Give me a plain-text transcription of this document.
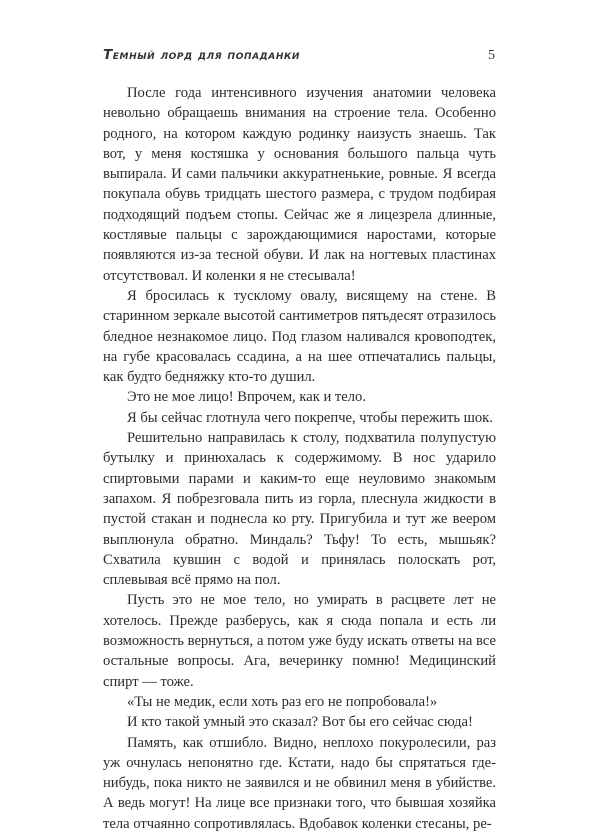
Темный лорд для попаданки	5

После года интенсивного изучения анатомии человека невольно обращаешь внимания на строение тела. Особенно родного, на котором каждую родинку наизусть знаешь. Так вот, у меня костяшка у основания большого пальца чуть выпирала. И сами пальчики аккуратненькие, ровные. Я всегда покупала обувь тридцать шестого размера, с трудом подбирая подходящий подъем стопы. Сейчас же я лицезрела длинные, костлявые пальцы с зарождающимися наростами, которые появляются из-за тесной обуви. И лак на ногтевых пластинах отсутствовал. И коленки я не стесывала!

Я бросилась к тусклому овалу, висящему на стене. В старинном зеркале высотой сантиметров пятьдесят отразилось бледное незнакомое лицо. Под глазом наливался кровоподтек, на губе красовалась ссадина, а на шее отпечатались пальцы, как будто бедняжку кто-то душил.

Это не мое лицо! Впрочем, как и тело.

Я бы сейчас глотнула чего покрепче, чтобы пережить шок.

Решительно направилась к столу, подхватила полупустую бутылку и принюхалась к содержимому. В нос ударило спиртовыми парами и каким-то еще неуловимо знакомым запахом. Я побрезговала пить из горла, плеснула жидкости в пустой стакан и поднесла ко рту. Пригубила и тут же веером выплюнула обратно. Миндаль? Тьфу! То есть, мышьяк? Схватила кувшин с водой и принялась полоскать рот, сплевывая всё прямо на пол.

Пусть это не мое тело, но умирать в расцвете лет не хотелось. Прежде разберусь, как я сюда попала и есть ли возможность вернуться, а потом уже буду искать ответы на все остальные вопросы. Ага, вечеринку помню! Медицинский спирт — тоже.

«Ты не медик, если хоть раз его не попробовала!»

И кто такой умный это сказал? Вот бы его сейчас сюда!

Память, как отшибло. Видно, неплохо покуролесили, раз уж очнулась непонятно где. Кстати, надо бы спрятаться где-нибудь, пока никто не заявился и не обвинил меня в убийстве. А ведь могут! На лице все признаки того, что бывшая хозяйка тела отчаянно сопротивлялась. Вдобавок коленки стесаны, ре-
